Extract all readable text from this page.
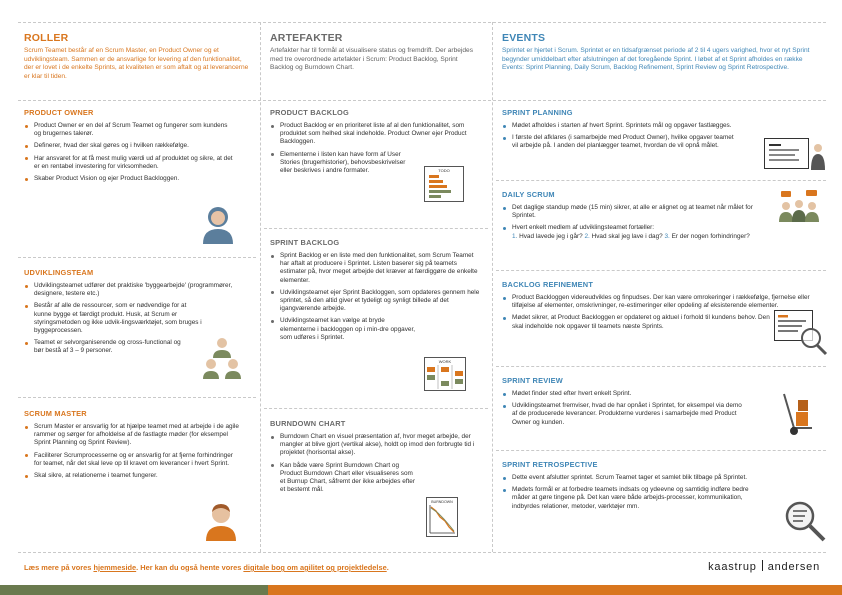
ROLLER
Scrum Teamet består af en Scrum Master, en Product Owner og et udviklingsteam. Sammen er de ansvarlige for levering af den funktionalitet, der er lovet i de enkelte Sprints, at kvaliteten er som aftalt og at leverancerne er klar til tiden.
PRODUCT OWNER
Product Owner er en del af Scrum Teamet og fungerer som kundens og brugernes talerør.
Definerer, hvad der skal gøres og i hvilken rækkefølge.
Har ansvaret for at få mest mulig værdi ud af produktet og sikre, at det er en rentabel investering for virksomheden.
Skaber Product Vision og ejer Product Backloggen.
UDVIKLINGSTEAM
Udviklingsteamet udfører det praktiske 'byggearbejde' (programmører, designere, testere etc.)
Består af alle de ressourcer, som er nødvendige for at kunne bygge et færdigt produkt. Husk, at Scrum er styringsmetoden og ikke udvik-lingsværktøjet, som bruges i byggeprocessen.
Teamet er selvorganiserende og cross-functional og bør bestå af 3 – 9 personer.
SCRUM MASTER
Scrum Master er ansvarlig for at hjælpe teamet med at arbejde i de agile rammer og sørger for afholdelse af de fastlagte møder (for eksempel Sprint Planning og Sprint Review).
Faciliterer Scrumprocesserne og er ansvarlig for at fjerne forhindringer for teamet, når det skal leve op til kravet om leverancer i hvert Sprint.
Skal sikre, at relationerne i teamet fungerer.
ARTEFAKTER
Artefakter har til formål at visualisere status og fremdrift. Der arbejdes med tre overordnede artefakter i Scrum: Product Backlog, Sprint Backlog og Burndown Chart.
PRODUCT BACKLOG
Product Backlog er en prioriteret liste af al den funktionalitet, som produktet som helhed skal indeholde. Product Owner ejer Product Backloggen.
Elementerne i listen kan have form af User Stories (brugerhistorier), behovsbeskrivelser eller beskrives i andre formater.
SPRINT BACKLOG
Sprint Backlog er en liste med den funktionalitet, som Scrum Teamet har aftalt at producere i Sprintet. Listen baserer sig på teamets estimater på, hvor meget arbejde det kræver at færdiggøre de enkelte elementer.
Udviklingsteamet ejer Sprint Backloggen, som opdateres gennem hele sprintet, så den altid giver et tydeligt og synligt billede af det igangværende arbejde.
Udviklingsteamet kan vælge at bryde elementerne i backloggen op i min-dre opgaver, som udføres i Sprintet.
BURNDOWN CHART
Burndown Chart en visuel præsentation af, hvor meget arbejde, der mangler at blive gjort (vertikal akse), holdt op imod den forbrugte tid i projektet (horisontal akse).
Kan både være Sprint Burndown Chart og Product Burndown Chart eller visualiseres som et Burnup Chart, såfremt der ikke arbejdes efter et bestemt mål.
EVENTS
Sprintet er hjertet i Scrum. Sprintet er en tidsafgrænset periode af 2 til 4 ugers varighed, hvor et nyt Sprint begynder umiddelbart efter afslutningen af det foregående Sprint. I løbet af et Sprint afholdes en række Events: Sprint Planning, Daily Scrum, Backlog Refinement, Sprint Review og Sprint Retrospective.
SPRINT PLANNING
Mødet afholdes i starten af hvert Sprint. Sprintets mål og opgaver fastlægges.
I første del afklares (i samarbejde med Product Owner), hvilke opgaver teamet vil arbejde på. I anden del planlægger teamet, hvordan de vil opnå målet.
DAILY SCRUM
Det daglige standup møde (15 min) sikrer, at alle er alignet og at teamet når målet for Sprintet.
Hvert enkelt medlem af udviklingsteamet fortæller:
1. Hvad lavede jeg i går? 2. Hvad skal jeg lave i dag? 3. Er der nogen forhindringer?
BACKLOG REFINEMENT
Product Backloggen videreudvikles og finpudses. Der kan være omrokeringer i rækkefølge, fjernelse eller tilføjelse af elementer, omskrivninger, re-estimeringer eller opdeling af eksisterende elementer.
Mødet sikrer, at Product Backloggen er opdateret og aktuel i forhold til kundens behov. Den skal indeholde nok opgaver til teamets næste Sprints.
SPRINT REVIEW
Mødet finder sted efter hvert enkelt Sprint.
Udviklingsteamet fremviser, hvad de har opnået i Sprintet, for eksempel via demo af de producerede leverancer. Produkterne vurderes i samarbejde med Product Owner og kunden.
SPRINT RETROSPECTIVE
Dette event afslutter sprintet. Scrum Teamet tager et samlet blik tilbage på Sprintet.
Mødets formål er at forbedre teamets indsats og ydeevne og samtidig indføre bedre måder at gøre tingene på. Det kan være både arbejds-processer, kommunikation, indbyrdes relationer, metoder, værktøjer mm.
TODO
WORK
BURNDOWN
Læs mere på vores hjemmeside. Her kan du også hente vores digitale bog om agilitet og projektledelse.	kaastrup andersen
